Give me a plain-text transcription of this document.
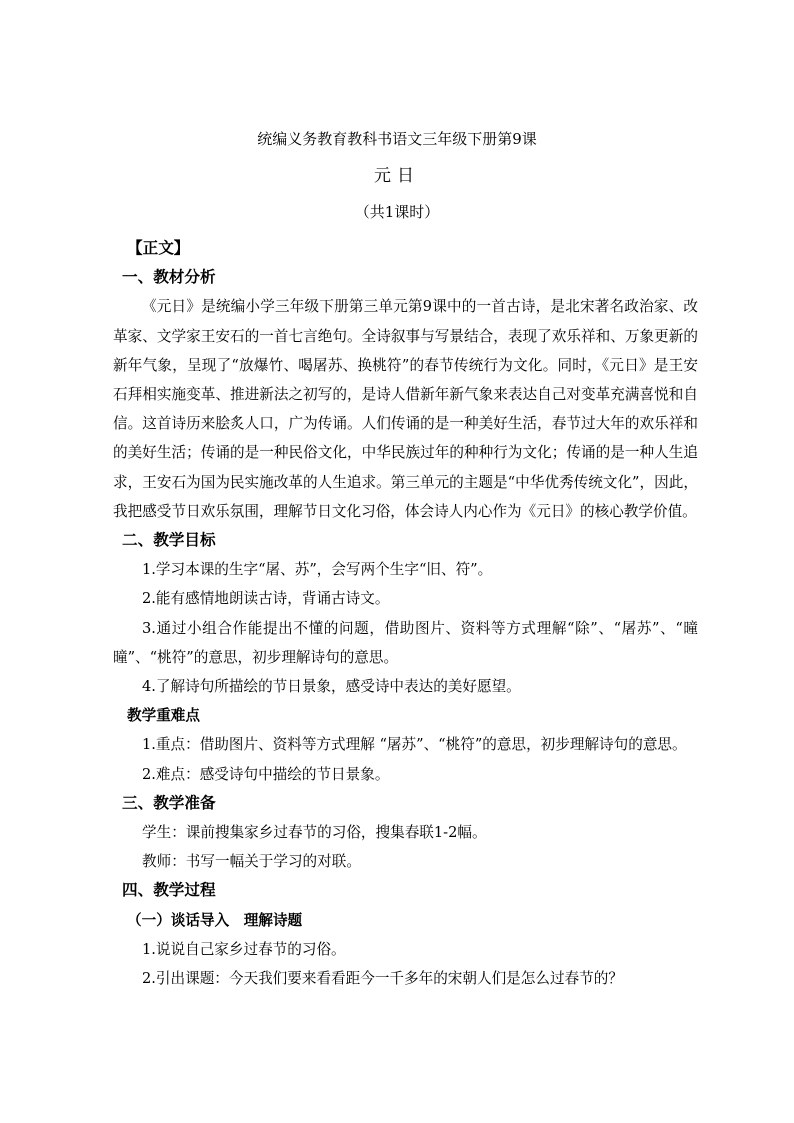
统编义务教育教科书语文三年级下册第9课
元日
（共1课时）

【正文】

一、教材分析

《元日》是统编小学三年级下册第三单元第9课中的一首古诗，是北宋著名政治家、改革家、文学家王安石的一首七言绝句。全诗叙事与写景结合，表现了欢乐祥和、万象更新的新年气象，呈现了“放爆竹、喝屠苏、换桃符”的春节传统行为文化。同时，《元日》是王安石拜相实施变革、推进新法之初写的，是诗人借新年新气象来表达自己对变革充满喜悦和自信。这首诗历来脍炙人口，广为传诵。人们传诵的是一种美好生活，春节过大年的欢乐祥和的美好生活；传诵的是一种民俗文化，中华民族过年的种种行为文化；传诵的是一种人生追求，王安石为国为民实施改革的人生追求。第三单元的主题是“中华优秀传统文化”，因此，我把感受节日欢乐氛围，理解节日文化习俗，体会诗人内心作为《元日》的核心教学价值。

二、教学目标

1.学习本课的生字“屠、苏”，会写两个生字“旧、符”。

2.能有感情地朗读古诗，背诵古诗文。

3.通过小组合作能提出不懂的问题，借助图片、资料等方式理解“除”、“屠苏”、“曈曈”、“桃符”的意思，初步理解诗句的意思。

4.了解诗句所描绘的节日景象，感受诗中表达的美好愿望。

教学重难点

1.重点：借助图片、资料等方式理解 “屠苏”、“桃符”的意思，初步理解诗句的意思。

2.难点：感受诗句中描绘的节日景象。

三、教学准备

学生：课前搜集家乡过春节的习俗，搜集春联1-2幅。

教师：书写一幅关于学习的对联。

四、教学过程

（一）谈话导入　理解诗题

1.说说自己家乡过春节的习俗。

2.引出课题：今天我们要来看看距今一千多年的宋朝人们是怎么过春节的？
